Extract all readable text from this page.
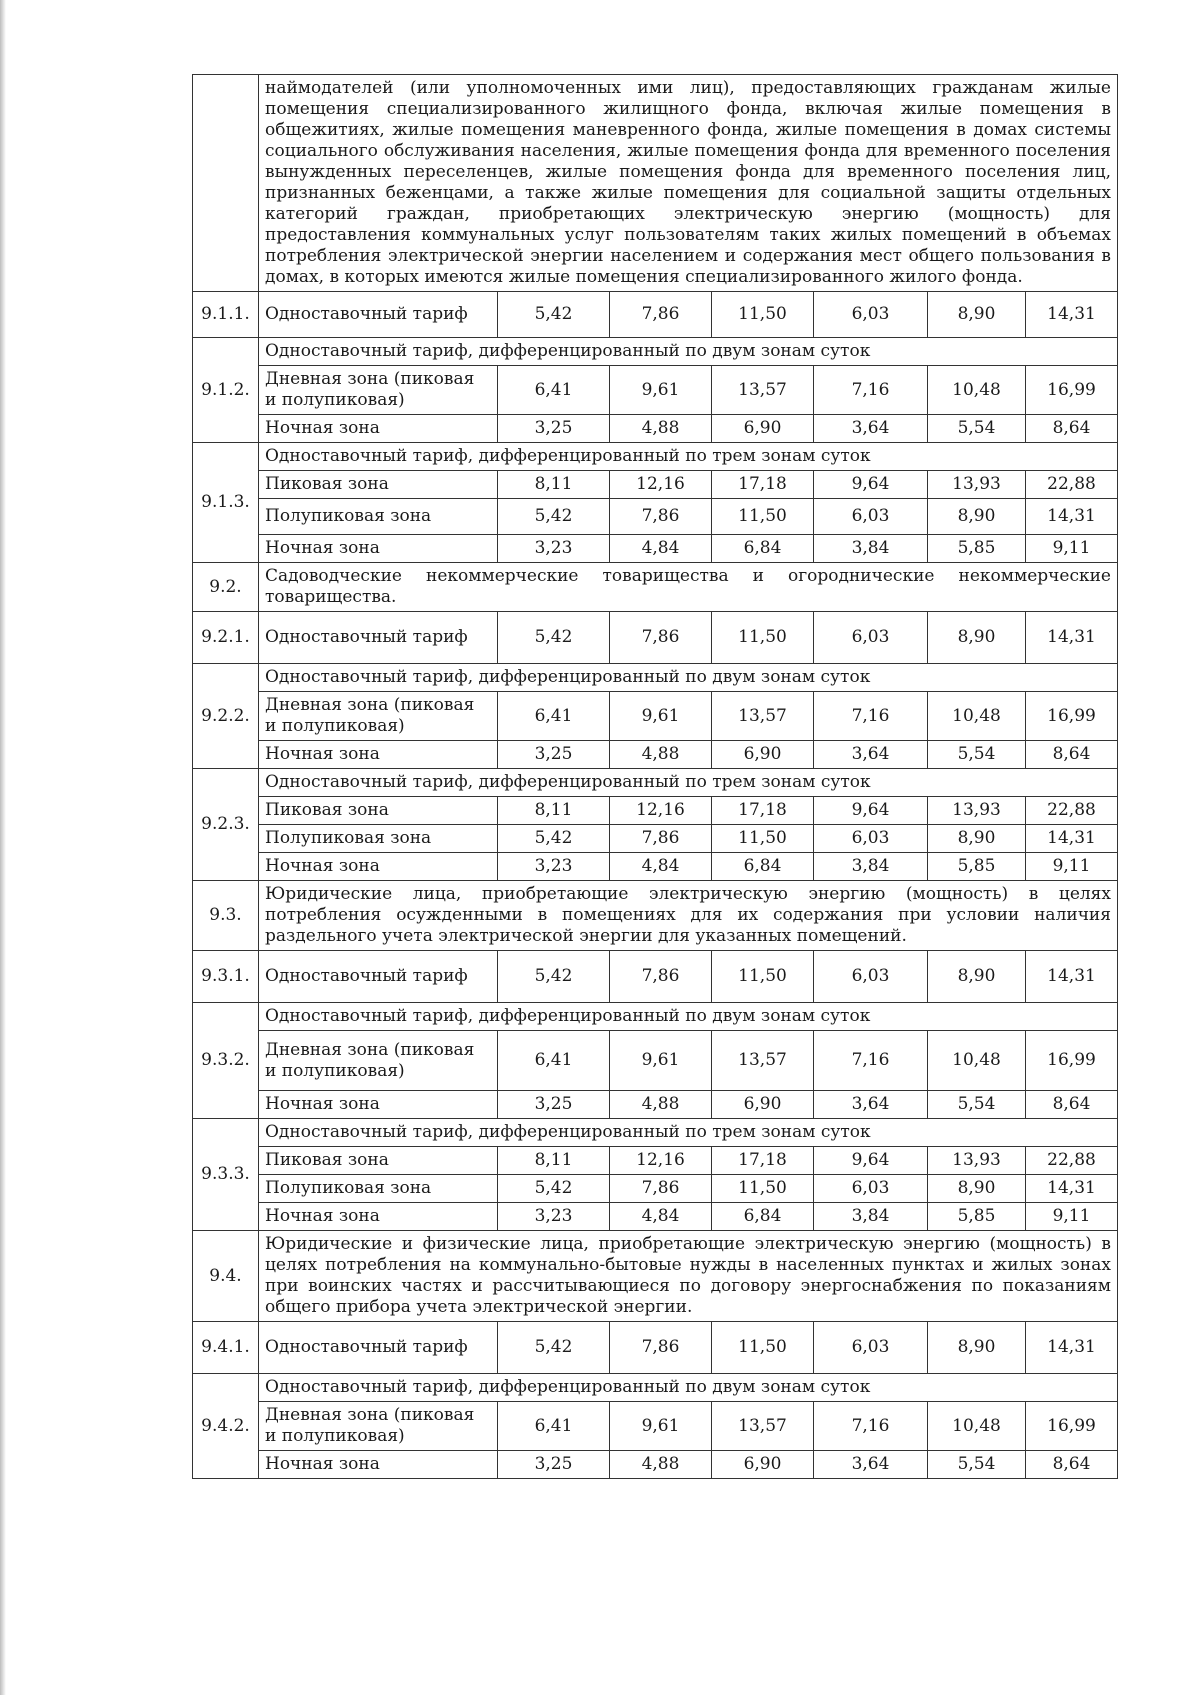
	наймодателей (или уполномоченных ими лиц), предоставляющих гражданам жилые помещения специализированного жилищного фонда, включая жилые помещения в общежитиях, жилые помещения маневренного фонда, жилые помещения в домах системы социального обслуживания населения, жилые помещения фонда для временного поселения вынужденных переселенцев, жилые помещения фонда для временного поселения лиц, признанных беженцами, а также жилые помещения для социальной защиты отдельных категорий граждан, приобретающих электрическую энергию (мощность) для предоставления коммунальных услуг пользователям таких жилых помещений в объемах потребления электрической энергии населением и содержания мест общего пользования в домах, в которых имеются жилые помещения специализированного жилого фонда.						
9.1.1.	Одноставочный тариф	5,42	7,86	11,50	6,03	8,90	14,31
9.1.2.	Одноставочный тариф, дифференцированный по двум зонам суток						
	Дневная зона (пиковая и полупиковая)	6,41	9,61	13,57	7,16	10,48	16,99
	Ночная зона	3,25	4,88	6,90	3,64	5,54	8,64
9.1.3.	Одноставочный тариф, дифференцированный по трем зонам суток						
	Пиковая зона	8,11	12,16	17,18	9,64	13,93	22,88
	Полупиковая зона	5,42	7,86	11,50	6,03	8,90	14,31
	Ночная зона	3,23	4,84	6,84	3,84	5,85	9,11
9.2.	Садоводческие некоммерческие товарищества и огороднические некоммерческие товарищества.						
9.2.1.	Одноставочный тариф	5,42	7,86	11,50	6,03	8,90	14,31
9.2.2.	Одноставочный тариф, дифференцированный по двум зонам суток						
	Дневная зона (пиковая и полупиковая)	6,41	9,61	13,57	7,16	10,48	16,99
	Ночная зона	3,25	4,88	6,90	3,64	5,54	8,64
9.2.3.	Одноставочный тариф, дифференцированный по трем зонам суток						
	Пиковая зона	8,11	12,16	17,18	9,64	13,93	22,88
	Полупиковая зона	5,42	7,86	11,50	6,03	8,90	14,31
	Ночная зона	3,23	4,84	6,84	3,84	5,85	9,11
9.3.	Юридические лица, приобретающие электрическую энергию (мощность) в целях потребления осужденными в помещениях для их содержания при условии наличия раздельного учета электрической энергии для указанных помещений.						
9.3.1.	Одноставочный тариф	5,42	7,86	11,50	6,03	8,90	14,31
9.3.2.	Одноставочный тариф, дифференцированный по двум зонам суток						
	Дневная зона (пиковая и полупиковая)	6,41	9,61	13,57	7,16	10,48	16,99
	Ночная зона	3,25	4,88	6,90	3,64	5,54	8,64
9.3.3.	Одноставочный тариф, дифференцированный по трем зонам суток						
	Пиковая зона	8,11	12,16	17,18	9,64	13,93	22,88
	Полупиковая зона	5,42	7,86	11,50	6,03	8,90	14,31
	Ночная зона	3,23	4,84	6,84	3,84	5,85	9,11
9.4.	Юридические и физические лица, приобретающие электрическую энергию (мощность) в целях потребления на коммунально-бытовые нужды в населенных пунктах и жилых зонах при воинских частях и рассчитывающиеся по договору энергоснабжения по показаниям общего прибора учета электрической энергии.						
9.4.1.	Одноставочный тариф	5,42	7,86	11,50	6,03	8,90	14,31
9.4.2.	Одноставочный тариф, дифференцированный по двум зонам суток						
	Дневная зона (пиковая и полупиковая)	6,41	9,61	13,57	7,16	10,48	16,99
	Ночная зона	3,25	4,88	6,90	3,64	5,54	8,64
